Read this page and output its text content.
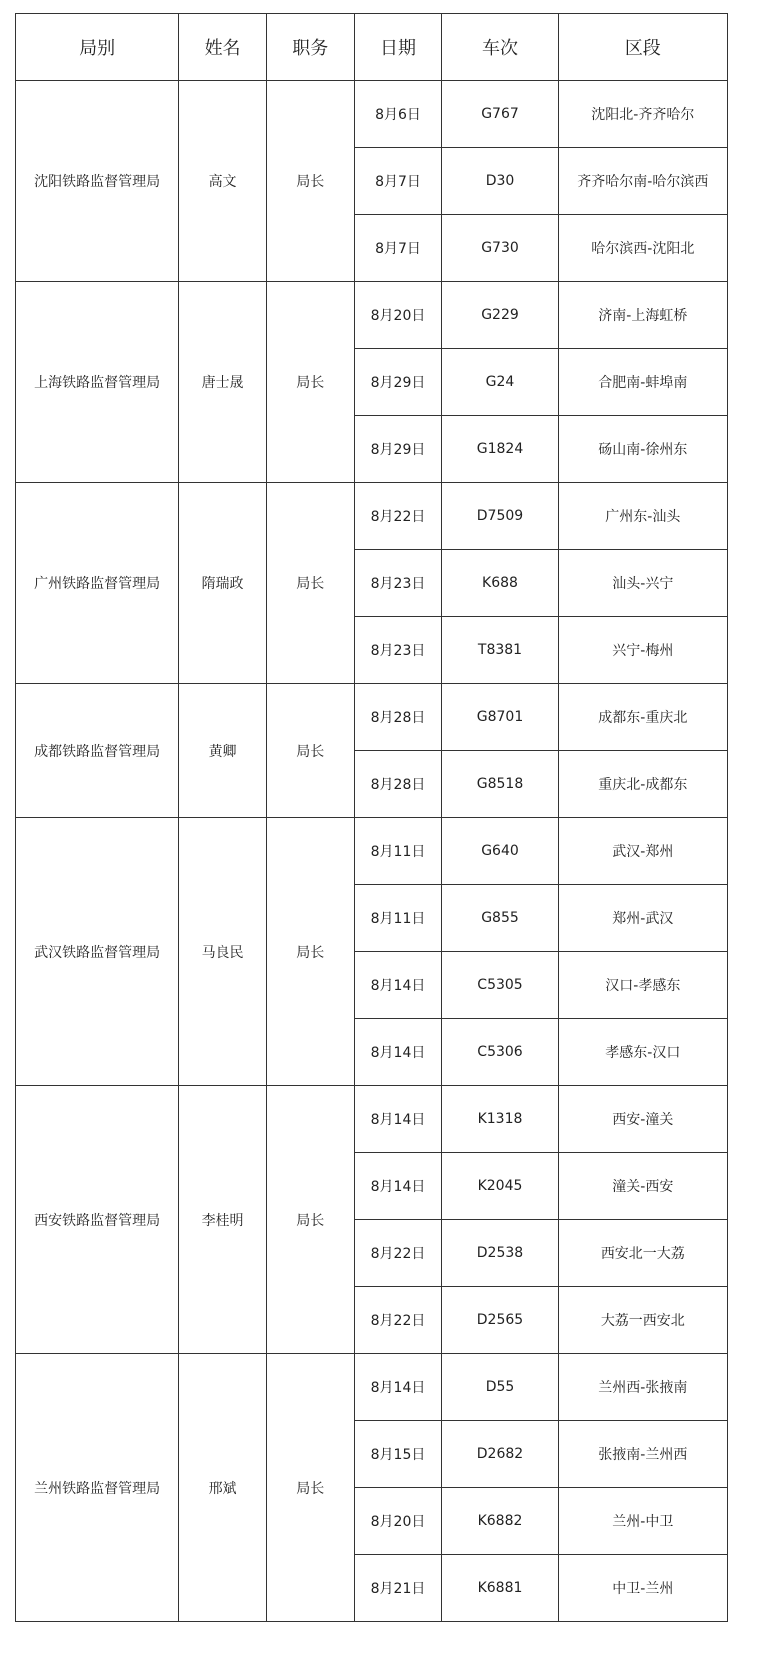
局别	姓名	职务	日期	车次	区段
沈阳铁路监督管理局	高文	局长	8月6日	G767	沈阳北-齐齐哈尔
			8月7日	D30	齐齐哈尔南-哈尔滨西
			8月7日	G730	哈尔滨西-沈阳北
上海铁路监督管理局	唐士晟	局长	8月20日	G229	济南-上海虹桥
			8月29日	G24	合肥南-蚌埠南
			8月29日	G1824	砀山南-徐州东
广州铁路监督管理局	隋瑞政	局长	8月22日	D7509	广州东-汕头
			8月23日	K688	汕头-兴宁
			8月23日	T8381	兴宁-梅州
成都铁路监督管理局	黄卿	局长	8月28日	G8701	成都东-重庆北
			8月28日	G8518	重庆北-成都东
武汉铁路监督管理局	马良民	局长	8月11日	G640	武汉-郑州
			8月11日	G855	郑州-武汉
			8月14日	C5305	汉口-孝感东
			8月14日	C5306	孝感东-汉口
西安铁路监督管理局	李桂明	局长	8月14日	K1318	西安-潼关
			8月14日	K2045	潼关-西安
			8月22日	D2538	西安北一大荔
			8月22日	D2565	大荔一西安北
兰州铁路监督管理局	邢斌	局长	8月14日	D55	兰州西-张掖南
			8月15日	D2682	张掖南-兰州西
			8月20日	K6882	兰州-中卫
			8月21日	K6881	中卫-兰州
